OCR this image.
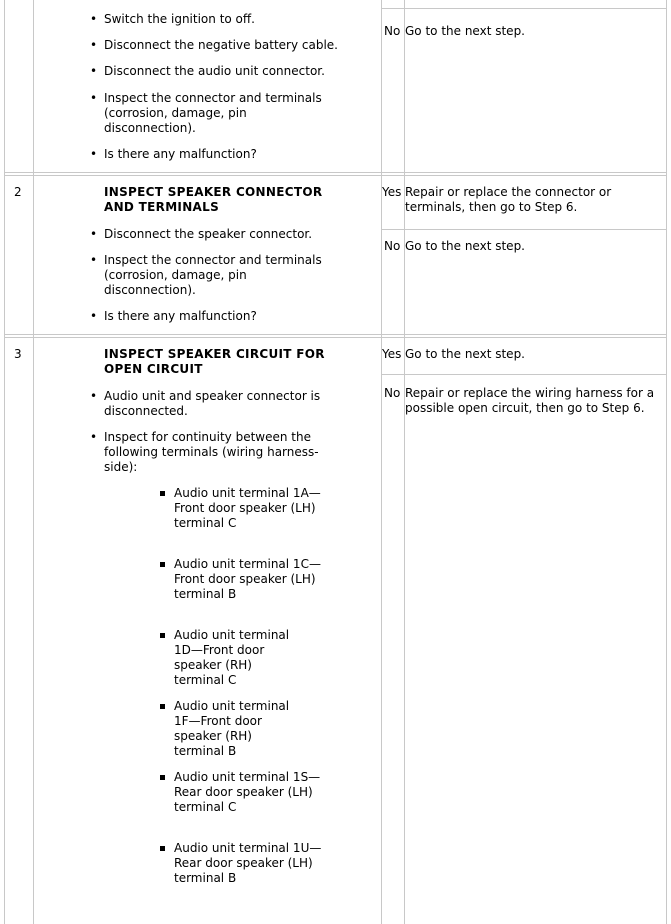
• Switch the ignition to off.
• Disconnect the negative battery cable.
• Disconnect the audio unit connector.
• Inspect the connector and terminals (corrosion, damage, pin disconnection).
• Is there any malfunction?
No Go to the next step.
2	INSPECT SPEAKER CONNECTOR AND TERMINALS
• Disconnect the speaker connector.
• Inspect the connector and terminals (corrosion, damage, pin disconnection).
• Is there any malfunction?
Yes Repair or replace the connector or terminals, then go to Step 6.
No Go to the next step.
3	INSPECT SPEAKER CIRCUIT FOR OPEN CIRCUIT
• Audio unit and speaker connector is disconnected.
• Inspect for continuity between the following terminals (wiring harness-side):
Audio unit terminal 1A—Front door speaker (LH) terminal C
Audio unit terminal 1C—Front door speaker (LH) terminal B
Audio unit terminal 1D—Front door speaker (RH) terminal C
Audio unit terminal 1F—Front door speaker (RH) terminal B
Audio unit terminal 1S—Rear door speaker (LH) terminal C
Audio unit terminal 1U—Rear door speaker (LH) terminal B
Yes Go to the next step.
No Repair or replace the wiring harness for a possible open circuit, then go to Step 6.
